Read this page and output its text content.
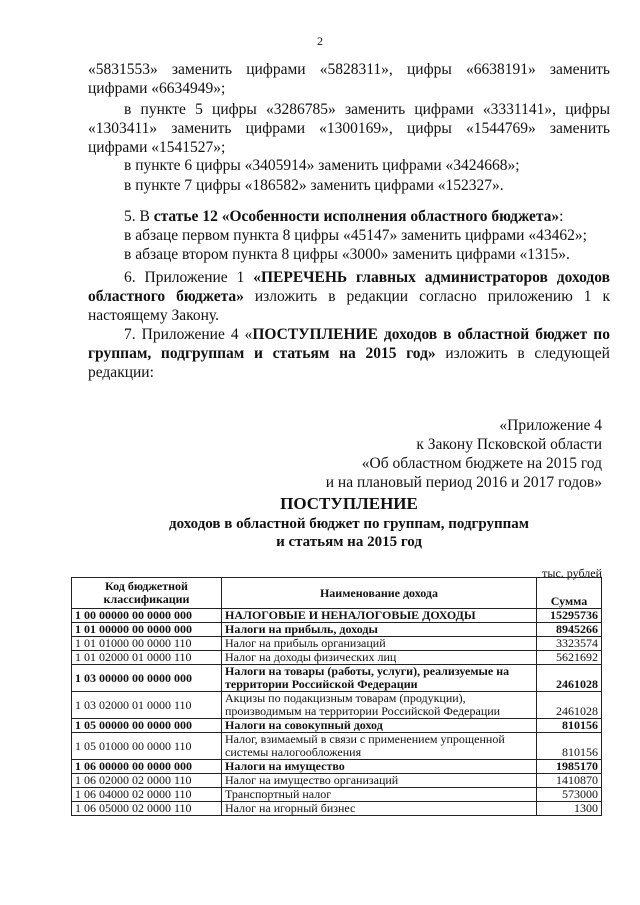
2
«5831553» заменить цифрами «5828311», цифры «6638191» заменить цифрами «6634949»;
в пункте 5 цифры «3286785» заменить цифрами «3331141», цифры «1303411» заменить цифрами «1300169», цифры «1544769» заменить цифрами «1541527»;
в пункте 6 цифры «3405914» заменить цифрами «3424668»;
в пункте 7 цифры «186582» заменить цифрами «152327».
5. В статье 12 «Особенности исполнения областного бюджета»:
в абзаце первом пункта 8 цифры «45147» заменить цифрами «43462»;
в абзаце втором пункта 8 цифры «3000» заменить цифрами «1315».
6. Приложение 1 «ПЕРЕЧЕНЬ главных администраторов доходов областного бюджета» изложить в редакции согласно приложению 1 к настоящему Закону.
7. Приложение 4 «ПОСТУПЛЕНИЕ доходов в областной бюджет по группам, подгруппам и статьям на 2015 год» изложить в следующей редакции:
«Приложение 4
к Закону Псковской области
«Об областном бюджете на 2015 год
и на плановый период 2016 и 2017 годов»
ПОСТУПЛЕНИЕ
доходов в областной бюджет по группам, подгруппам
и статьям на 2015 год
тыс. рублей
Код бюджетной классификации	Наименование дохода	Сумма
1 00 00000 00 0000 000	НАЛОГОВЫЕ И НЕНАЛОГОВЫЕ ДОХОДЫ	15295736
1 01 00000 00 0000 000	Налоги на прибыль, доходы	8945266
1 01 01000 00 0000 110	Налог на прибыль организаций	3323574
1 01 02000 01 0000 110	Налог на доходы физических лиц	5621692
1 03 00000 00 0000 000	Налоги на товары (работы, услуги), реализуемые на территории Российской Федерации	2461028
1 03 02000 01 0000 110	Акцизы по подакцизным товарам (продукции), производимым на территории Российской Федерации	2461028
1 05 00000 00 0000 000	Налоги на совокупный доход	810156
1 05 01000 00 0000 110	Налог, взимаемый в связи с применением упрощенной системы налогообложения	810156
1 06 00000 00 0000 000	Налоги на имущество	1985170
1 06 02000 02 0000 110	Налог на имущество организаций	1410870
1 06 04000 02 0000 110	Транспортный налог	573000
1 06 05000 02 0000 110	Налог на игорный бизнес	1300
